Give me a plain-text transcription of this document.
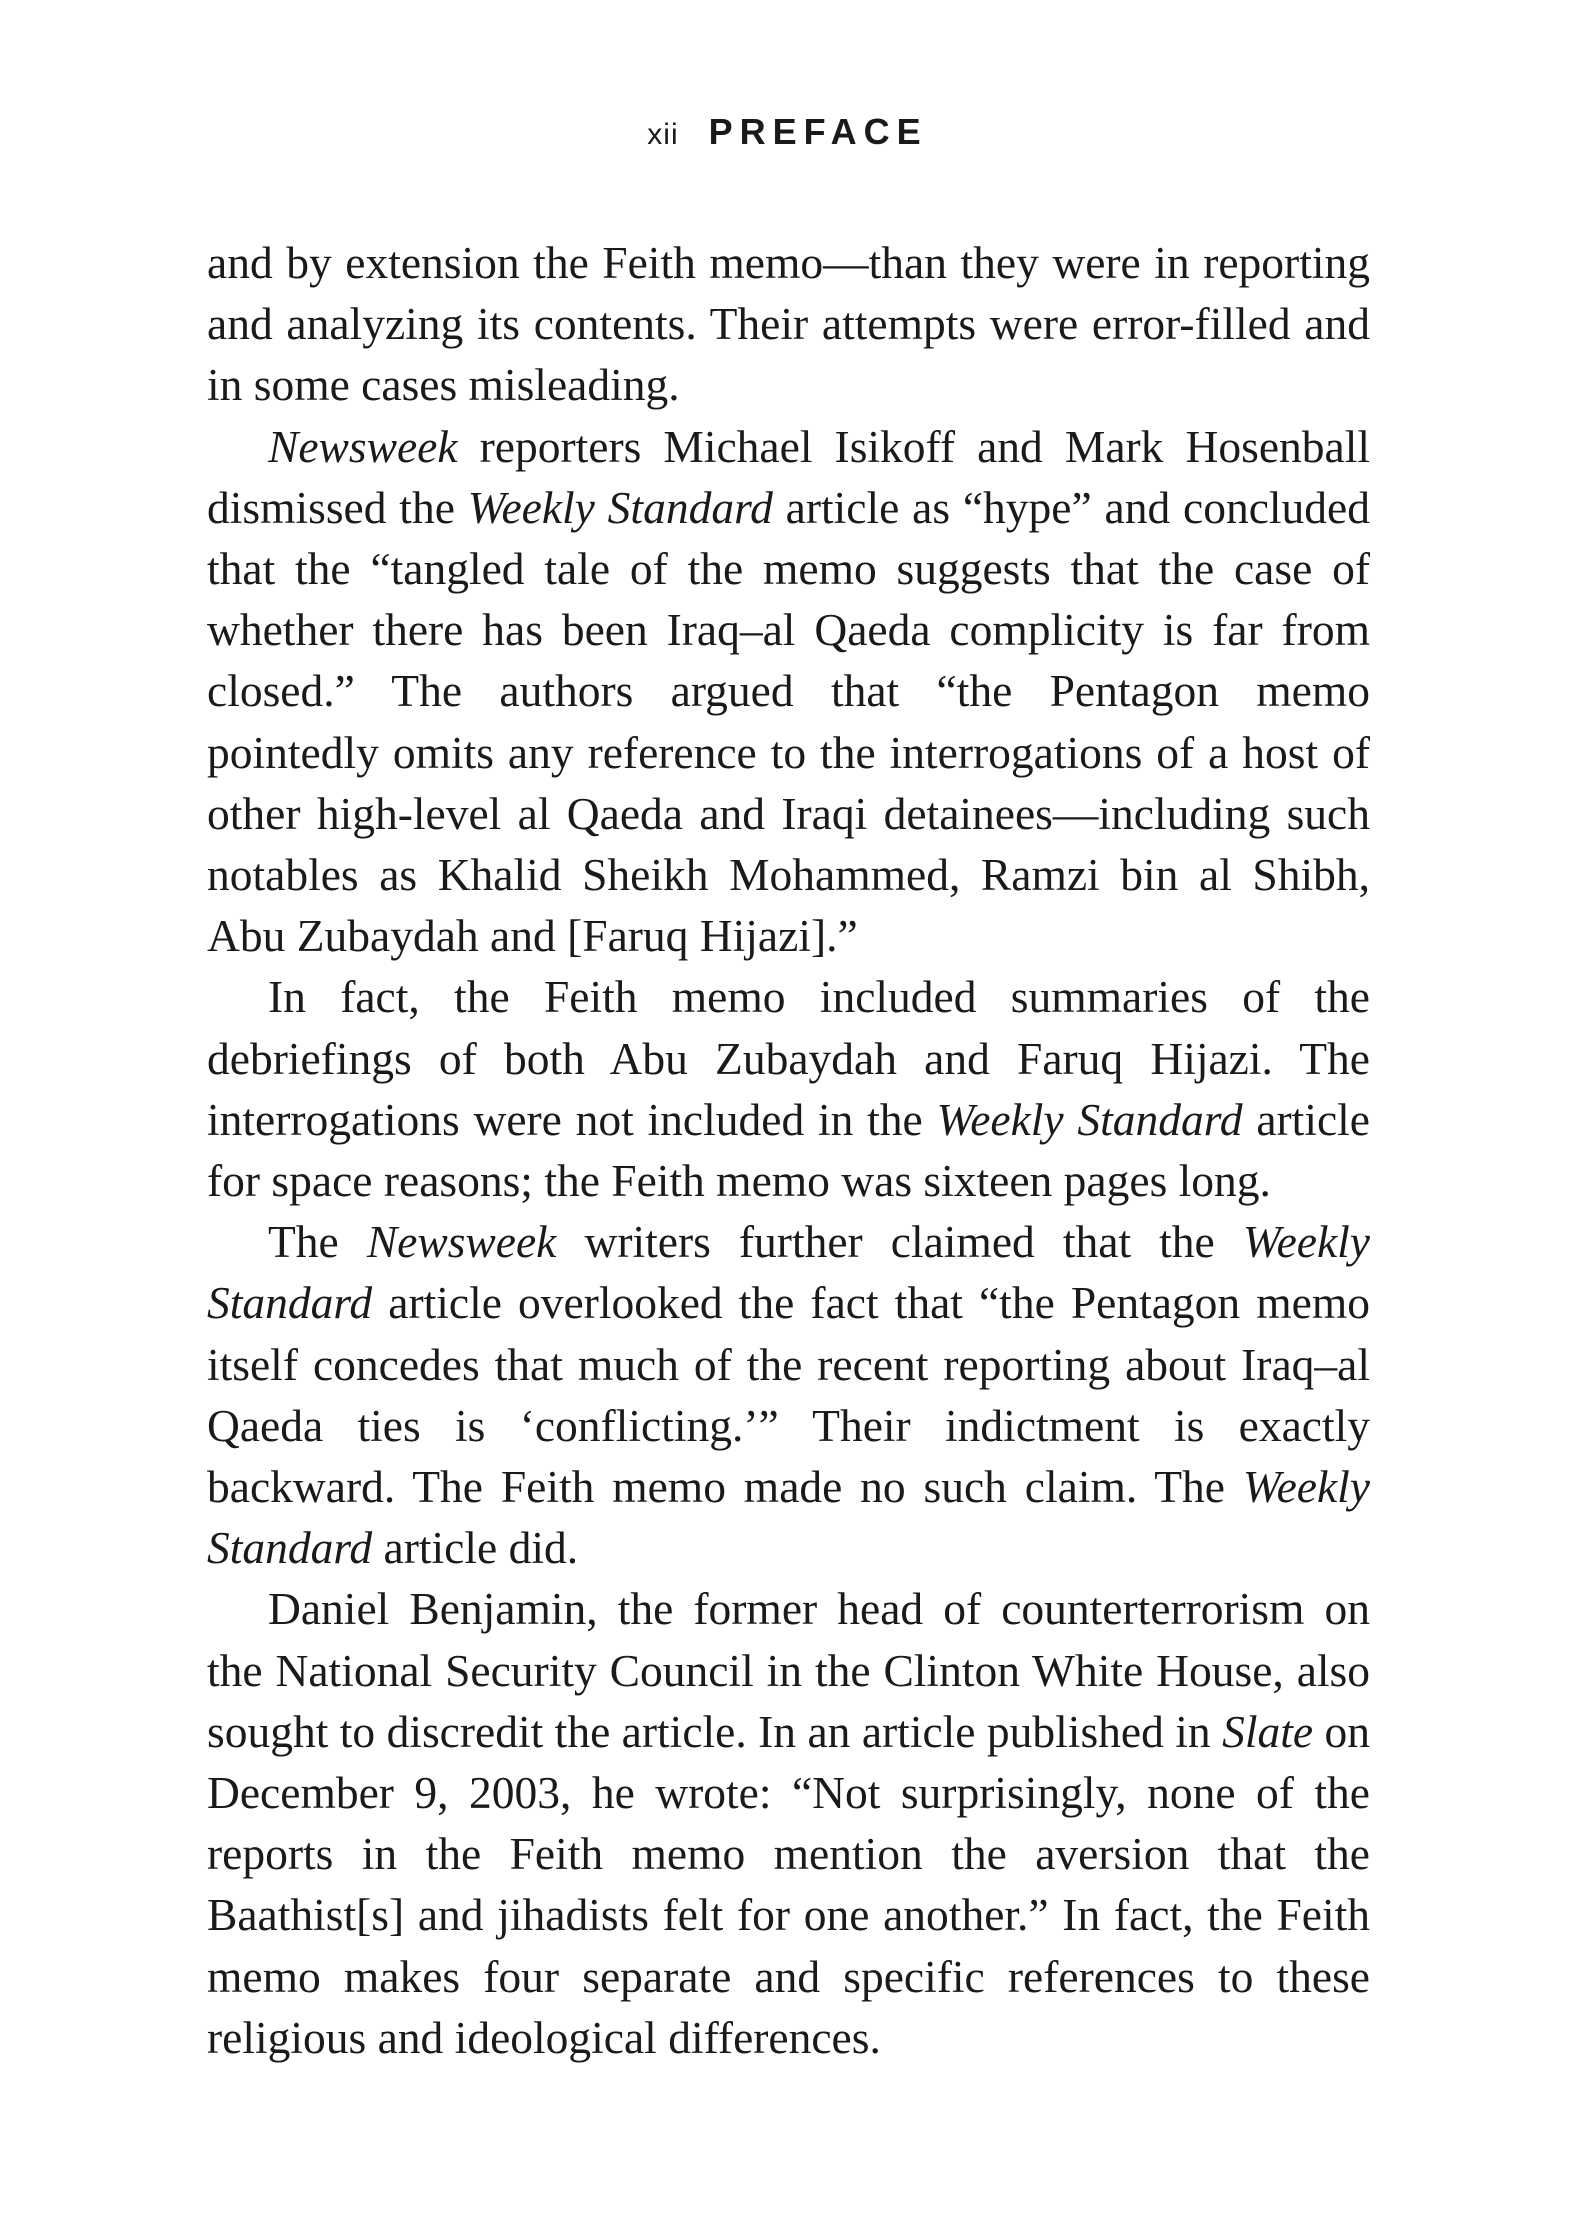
xii PREFACE

and by extension the Feith memo—than they were in reporting and analyzing its contents. Their attempts were error-filled and in some cases misleading.

Newsweek reporters Michael Isikoff and Mark Hosenball dismissed the Weekly Standard article as “hype” and concluded that the “tangled tale of the memo suggests that the case of whether there has been Iraq–al Qaeda complicity is far from closed.” The authors argued that “the Pentagon memo pointedly omits any reference to the interrogations of a host of other high-level al Qaeda and Iraqi detainees—including such notables as Khalid Sheikh Mohammed, Ramzi bin al Shibh, Abu Zubaydah and [Faruq Hijazi].”

In fact, the Feith memo included summaries of the debriefings of both Abu Zubaydah and Faruq Hijazi. The interrogations were not included in the Weekly Standard article for space reasons; the Feith memo was sixteen pages long.

The Newsweek writers further claimed that the Weekly Standard article overlooked the fact that “the Pentagon memo itself concedes that much of the recent reporting about Iraq–al Qaeda ties is ‘conflicting.’” Their indictment is exactly backward. The Feith memo made no such claim. The Weekly Standard article did.

Daniel Benjamin, the former head of counterterrorism on the National Security Council in the Clinton White House, also sought to discredit the article. In an article published in Slate on December 9, 2003, he wrote: “Not surprisingly, none of the reports in the Feith memo mention the aversion that the Baathist[s] and jihadists felt for one another.” In fact, the Feith memo makes four separate and specific references to these religious and ideological differences.
